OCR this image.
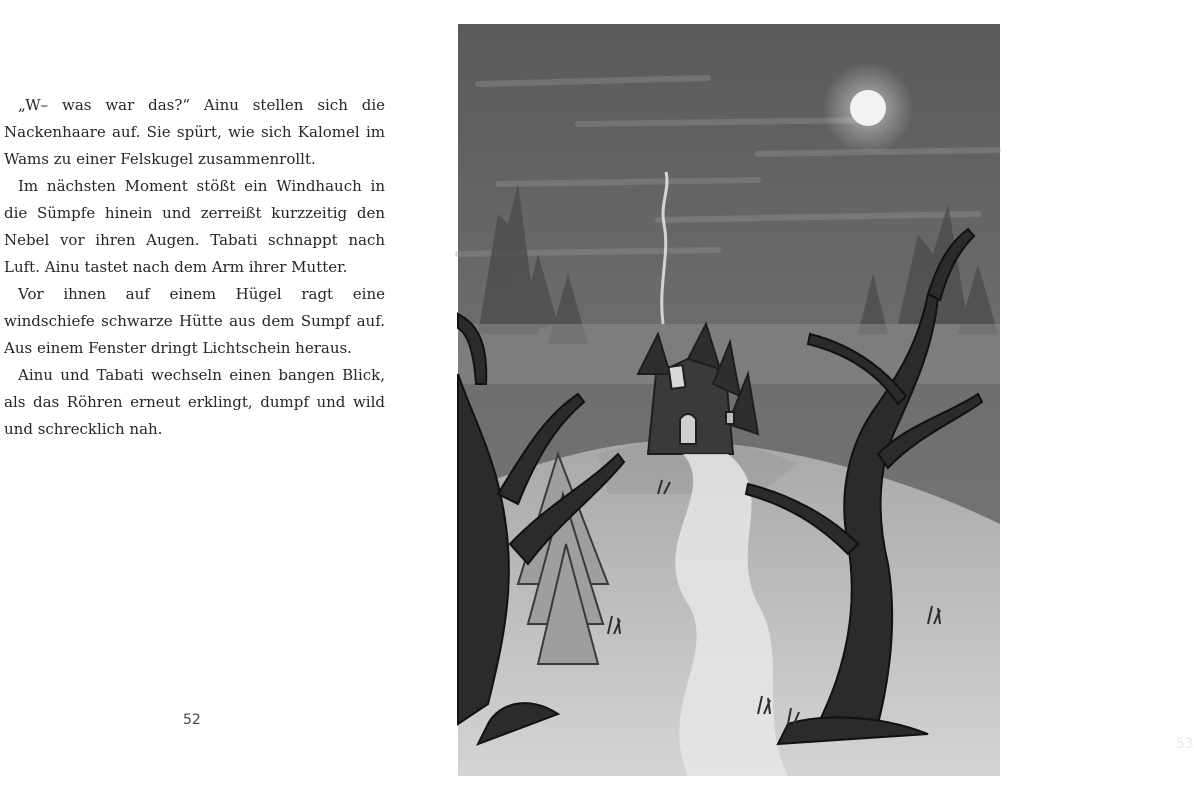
„W– was war das?“ Ainu stellen sich die Nackenhaare auf. Sie spürt, wie sich Kalomel im Wams zu einer Felskugel zusammenrollt.

Im nächsten Moment stößt ein Windhauch in die Sümpfe hinein und zerreißt kurzzeitig den Nebel vor ihren Augen. Tabati schnappt nach Luft. Ainu tastet nach dem Arm ihrer Mutter.

Vor ihnen auf einem Hügel ragt eine windschiefe schwarze Hütte aus dem Sumpf auf. Aus einem Fenster dringt Lichtschein heraus.

Ainu und Tabati wechseln einen bangen Blick, als das Röhren erneut erklingt, dumpf und wild und schrecklich nah.

52
53
